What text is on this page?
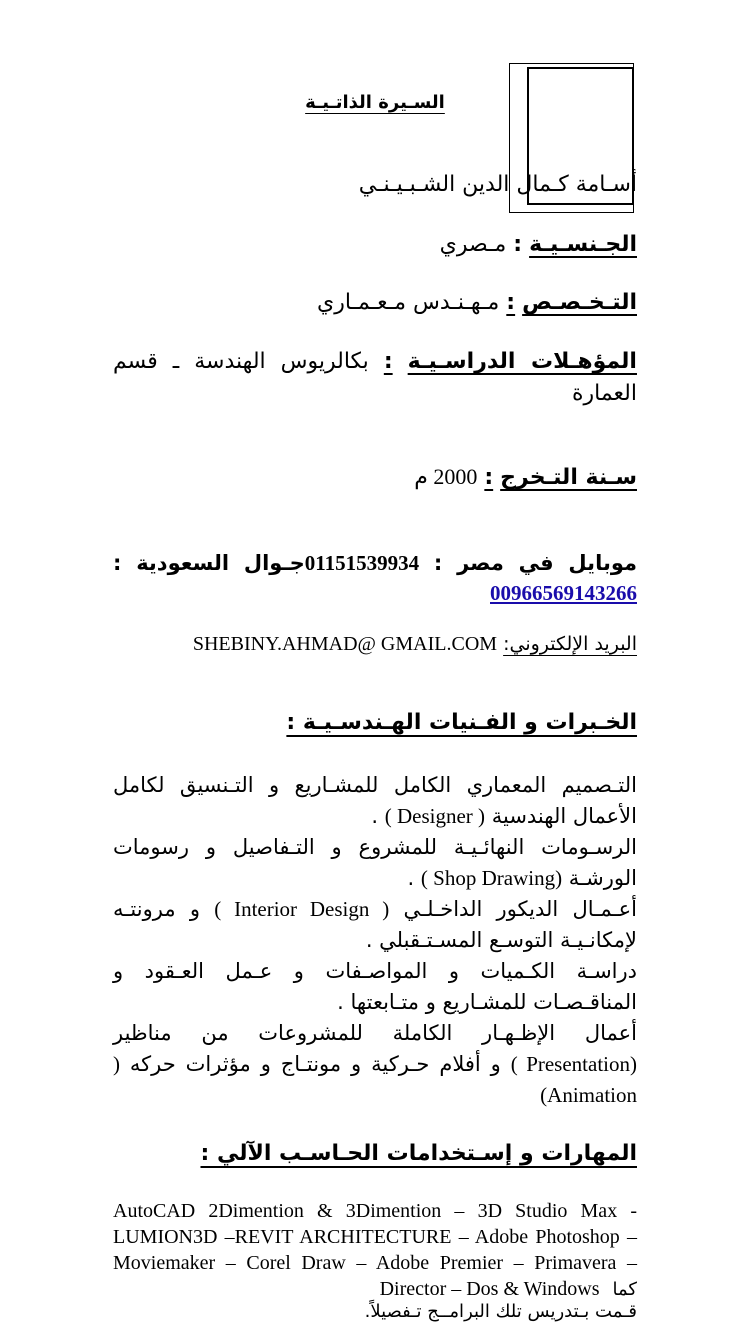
السـيرة الذاتـيـة
أسـامة كـمال الدين الشـبـيـنـي
الجـنسـيـة : مـصري
التـخـصـص : مـهـنـدس مـعـمـاري
المؤهـلات الدراسـيـة : بكالريوس الهندسة ـ قسم العمارة
سـنة التـخرج : 2000 م
موبايل في مصر : 01151539934جـوال السعودية : 00966569143266
البريد الإلكتروني: SHEBINY.AHMAD@ GMAIL.COM
الخـبرات و الفـنيات الهـندسـيـة :
التـصميم المعماري الكامل للمشـاريع و التـنسيق لكامل الأعمال الهندسية ( Designer ) .
الرسـومات النهائـيـة للمشروع و التـفاصيل و رسومات الورشـة (Shop Drawing ) .
أعـمـال الديكور الداخـلـي ( Interior Design ) و مرونتـه لإمكانـيـة التوسـع المسـتـقبلي .
دراسـة الكـميات و المواصـفات و عـمل العـقود و المناقـصـات للمشـاريع و متـابعتها .
أعمال الإظـهـار الكاملة للمشروعات من مناظير (Presentation ) و أفلام حـركية و مونتـاج و مؤثرات حركه ( Animation)
المهارات و إسـتخدامات الحـاسـب الآلي :
AutoCAD 2Dimention & 3Dimention – 3D Studio Max - LUMION3D –REVIT ARCHITECTURE – Adobe Photoshop – Moviemaker – Corel Draw – Adobe Premier – Primavera – Director – Dos & Windows كما
قـمت بـتدريس تلك البرامــج تـفصيلاً.
